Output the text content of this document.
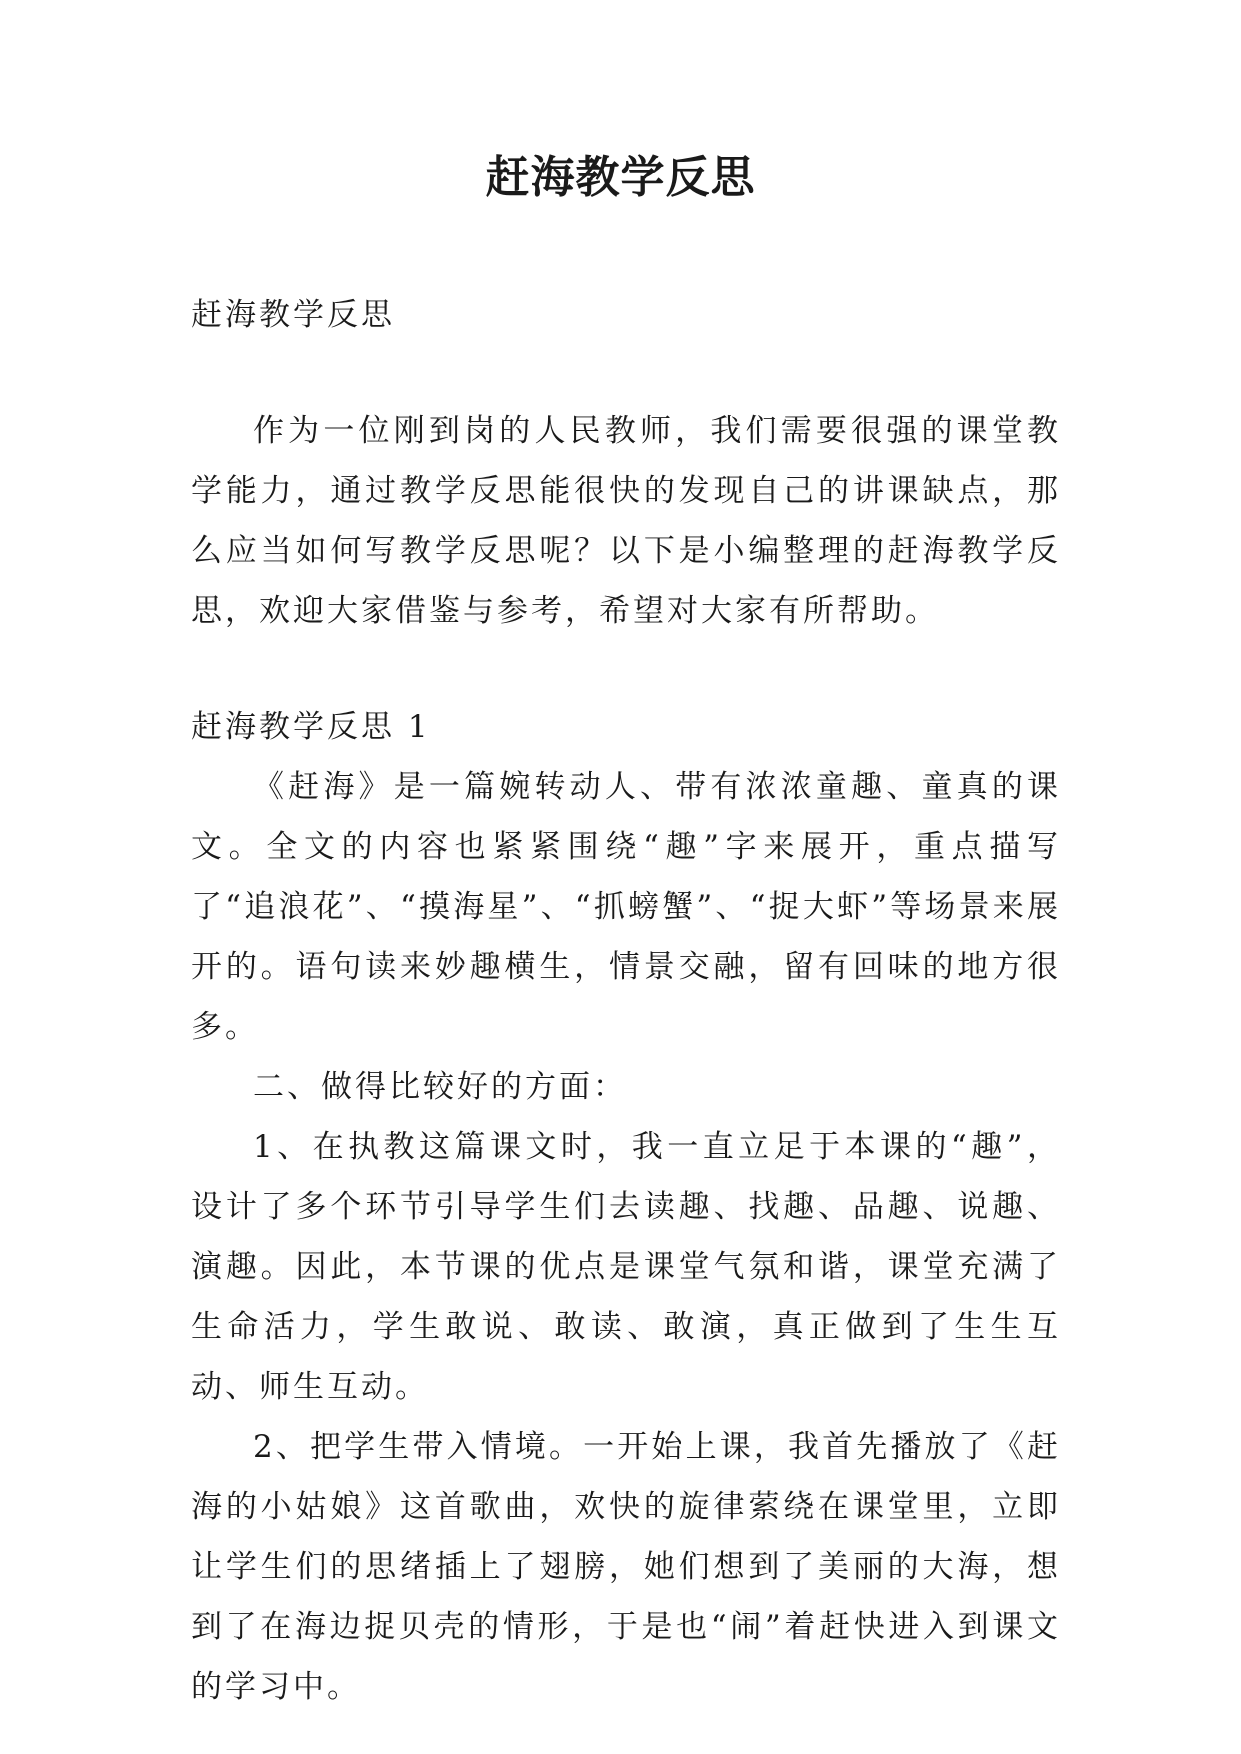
赶海教学反思

赶海教学反思

作为一位刚到岗的人民教师，我们需要很强的课堂教学能力，通过教学反思能很快的发现自己的讲课缺点，那么应当如何写教学反思呢？以下是小编整理的赶海教学反思，欢迎大家借鉴与参考，希望对大家有所帮助。

赶海教学反思 1

《赶海》是一篇婉转动人、带有浓浓童趣、童真的课文。全文的内容也紧紧围绕“趣”字来展开，重点描写了“追浪花”、“摸海星”、“抓螃蟹”、“捉大虾”等场景来展开的。语句读来妙趣横生，情景交融，留有回味的地方很多。

二、做得比较好的方面：

1、在执教这篇课文时，我一直立足于本课的“趣”，设计了多个环节引导学生们去读趣、找趣、品趣、说趣、演趣。因此，本节课的优点是课堂气氛和谐，课堂充满了生命活力，学生敢说、敢读、敢演，真正做到了生生互动、师生互动。

2、把学生带入情境。一开始上课，我首先播放了《赶海的小姑娘》这首歌曲，欢快的旋律萦绕在课堂里，立即让学生们的思绪插上了翅膀，她们想到了美丽的大海，想到了在海边捉贝壳的情形，于是也“闹”着赶快进入到课文的学习中。
